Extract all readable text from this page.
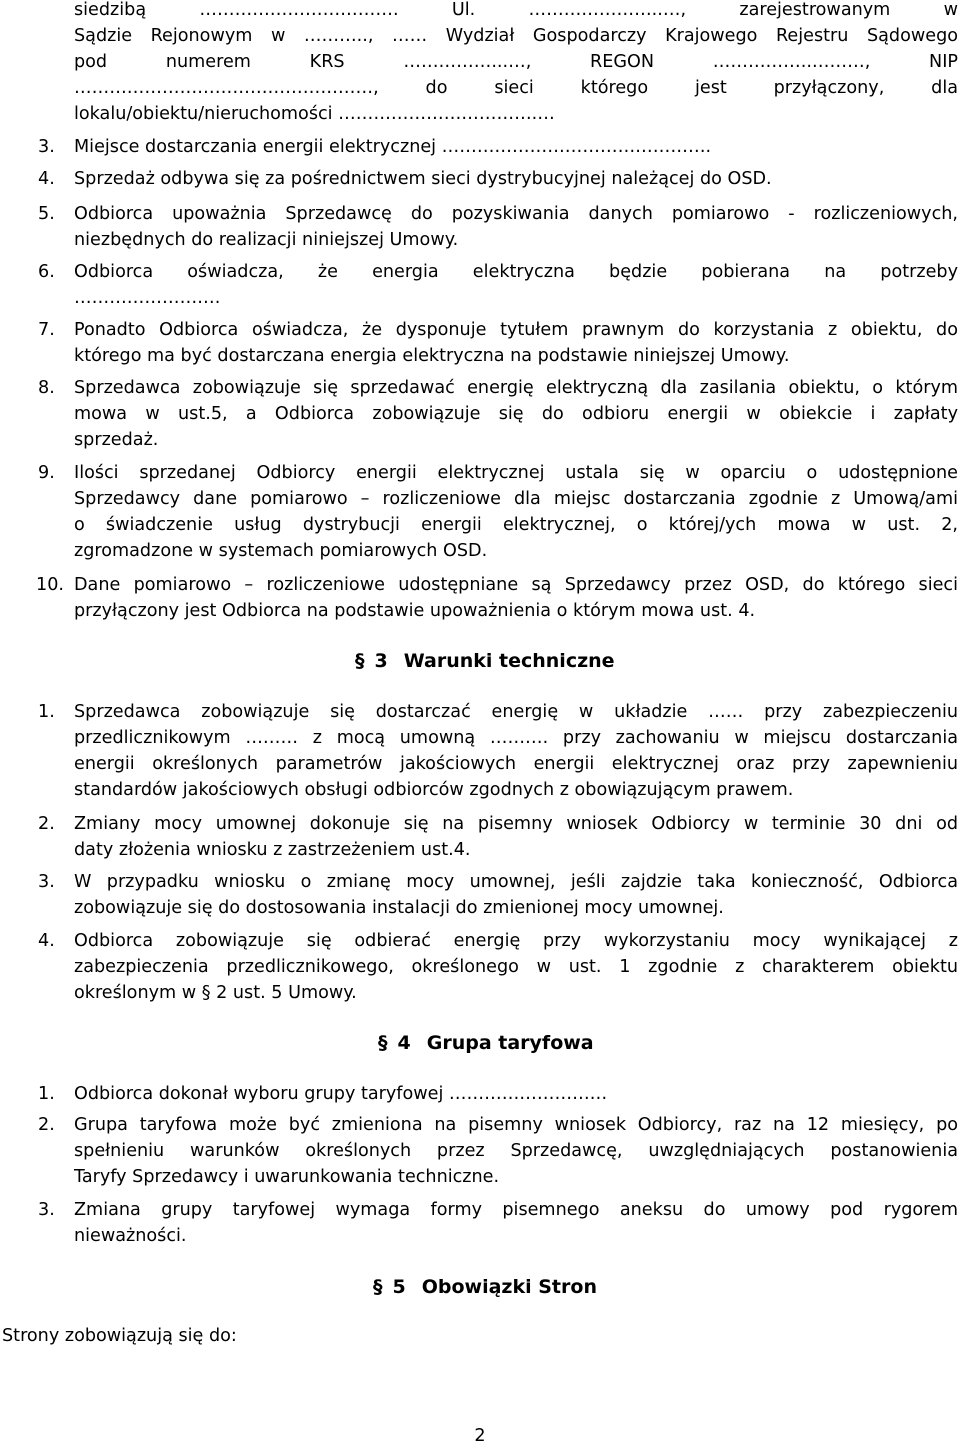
siedzibą ……………………………. Ul. …………………..…, zarejestrowanym w
Sądzie Rejonowym w ……….., …… Wydział Gospodarczy Krajowego Rejestru Sądowego
pod numerem KRS ……………...…, REGON ……………..………, NIP
……………………………………………, do sieci którego jest przyłączony, dla
lokalu/obiektu/nieruchomości …………………………….…
3. Miejsce dostarczania energii elektrycznej ……………………………………….
4. Sprzedaż odbywa się za pośrednictwem sieci dystrybucyjnej należącej do OSD.
5. Odbiorca upoważnia Sprzedawcę do pozyskiwania danych pomiarowo - rozliczeniowych,
niezbędnych do realizacji niniejszej Umowy.
6. Odbiorca oświadcza, że energia elektryczna będzie pobierana na potrzeby
…………………….
7. Ponadto Odbiorca oświadcza, że dysponuje tytułem prawnym do korzystania z obiektu, do
którego ma być dostarczana energia elektryczna na podstawie niniejszej Umowy.
8. Sprzedawca zobowiązuje się sprzedawać energię elektryczną dla zasilania obiektu, o którym
mowa w ust.5, a Odbiorca zobowiązuje się do odbioru energii w obiekcie i zapłaty
sprzedaż.
9. Ilości sprzedanej Odbiorcy energii elektrycznej ustala się w oparciu o udostępnione
Sprzedawcy dane pomiarowo – rozliczeniowe dla miejsc dostarczania zgodnie z Umową/ami
o świadczenie usług dystrybucji energii elektrycznej, o której/ych mowa w ust. 2,
zgromadzone w systemach pomiarowych OSD.
10. Dane pomiarowo – rozliczeniowe udostępniane są Sprzedawcy przez OSD, do którego sieci
przyłączony jest Odbiorca na podstawie upoważnienia o którym mowa ust. 4.
§ 3 Warunki techniczne
1. Sprzedawca zobowiązuje się dostarczać energię w układzie …… przy zabezpieczeniu
przedlicznikowym ……… z mocą umowną ………. przy zachowaniu w miejscu dostarczania
energii określonych parametrów jakościowych energii elektrycznej oraz przy zapewnieniu
standardów jakościowych obsługi odbiorców zgodnych z obowiązującym prawem.
2. Zmiany mocy umownej dokonuje się na pisemny wniosek Odbiorcy w terminie 30 dni od
daty złożenia wniosku z zastrzeżeniem ust.4.
3. W przypadku wniosku o zmianę mocy umownej, jeśli zajdzie taka konieczność, Odbiorca
zobowiązuje się do dostosowania instalacji do zmienionej mocy umownej.
4. Odbiorca zobowiązuje się odbierać energię przy wykorzystaniu mocy wynikającej z
zabezpieczenia przedlicznikowego, określonego w ust. 1 zgodnie z charakterem obiektu
określonym w § 2 ust. 5 Umowy.
§ 4 Grupa taryfowa
1. Odbiorca dokonał wyboru grupy taryfowej ………………………
2. Grupa taryfowa może być zmieniona na pisemny wniosek Odbiorcy, raz na 12 miesięcy, po
spełnieniu warunków określonych przez Sprzedawcę, uwzględniających postanowienia
Taryfy Sprzedawcy i uwarunkowania techniczne.
3. Zmiana grupy taryfowej wymaga formy pisemnego aneksu do umowy pod rygorem
nieważności.
§ 5 Obowiązki Stron
Strony zobowiązują się do:
2
